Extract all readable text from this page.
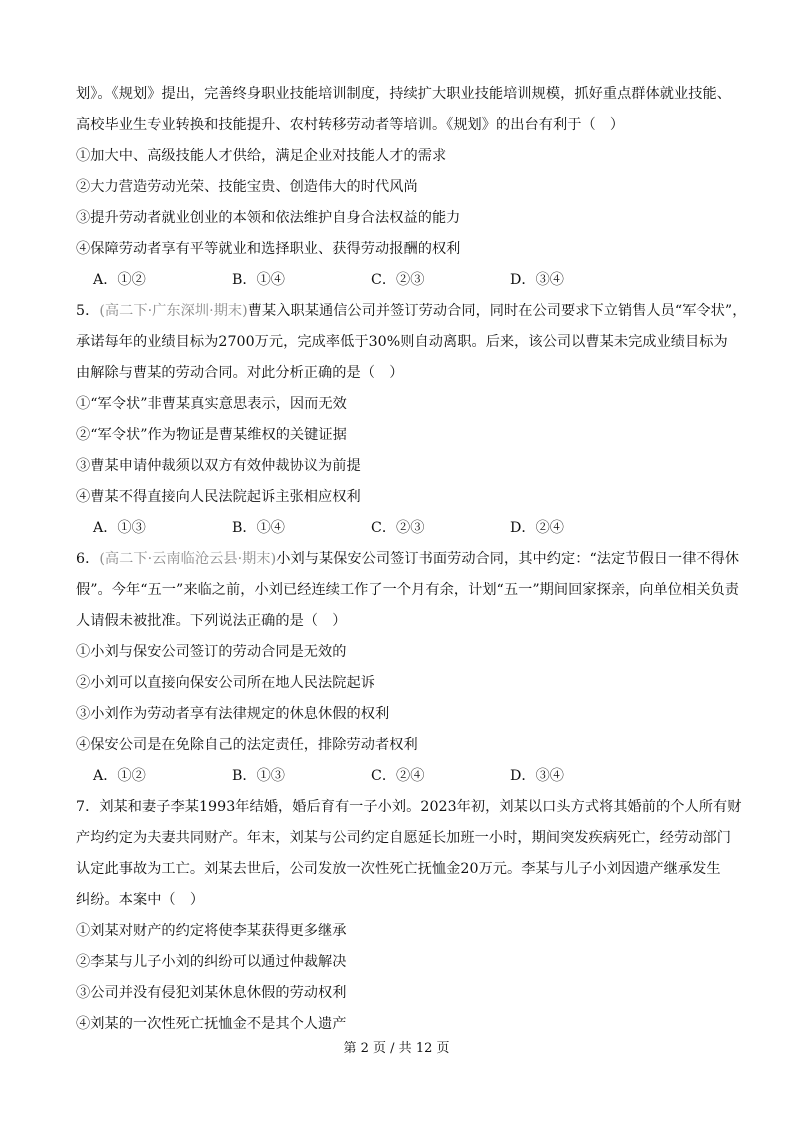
划》。《规划》提出，完善终身职业技能培训制度，持续扩大职业技能培训规模，抓好重点群体就业技能、
高校毕业生专业转换和技能提升、农村转移劳动者等培训。《规划》的出台有利于（　）
①加大中、高级技能人才供给，满足企业对技能人才的需求
②大力营造劳动光荣、技能宝贵、创造伟大的时代风尚
③提升劳动者就业创业的本领和依法维护自身合法权益的能力
④保障劳动者享有平等就业和选择职业、获得劳动报酬的权利
A．①②	B．①④	C．②③	D．③④
5．(高二下·广东深圳·期末)曹某入职某通信公司并签订劳动合同，同时在公司要求下立销售人员“军令状”，
承诺每年的业绩目标为2700万元，完成率低于30%则自动离职。后来，该公司以曹某未完成业绩目标为
由解除与曹某的劳动合同。对此分析正确的是（　）
①“军令状”非曹某真实意思表示，因而无效
②“军令状”作为物证是曹某维权的关键证据
③曹某申请仲裁须以双方有效仲裁协议为前提
④曹某不得直接向人民法院起诉主张相应权利
A．①③	B．①④	C．②③	D．②④
6．(高二下·云南临沧云县·期末)小刘与某保安公司签订书面劳动合同，其中约定：“法定节假日一律不得休
假”。今年“五一”来临之前，小刘已经连续工作了一个月有余，计划“五一”期间回家探亲，向单位相关负责
人请假未被批准。下列说法正确的是（　）
①小刘与保安公司签订的劳动合同是无效的
②小刘可以直接向保安公司所在地人民法院起诉
③小刘作为劳动者享有法律规定的休息休假的权利
④保安公司是在免除自己的法定责任，排除劳动者权利
A．①②	B．①③	C．②④	D．③④
7．刘某和妻子李某1993年结婚，婚后育有一子小刘。2023年初，刘某以口头方式将其婚前的个人所有财
产均约定为夫妻共同财产。年末，刘某与公司约定自愿延长加班一小时，期间突发疾病死亡，经劳动部门
认定此事故为工亡。刘某去世后，公司发放一次性死亡抚恤金20万元。李某与儿子小刘因遗产继承发生
纠纷。本案中（　）
①刘某对财产的约定将使李某获得更多继承
②李某与儿子小刘的纠纷可以通过仲裁解决
③公司并没有侵犯刘某休息休假的劳动权利
④刘某的一次性死亡抚恤金不是其个人遗产
第 2 页 / 共 12 页
